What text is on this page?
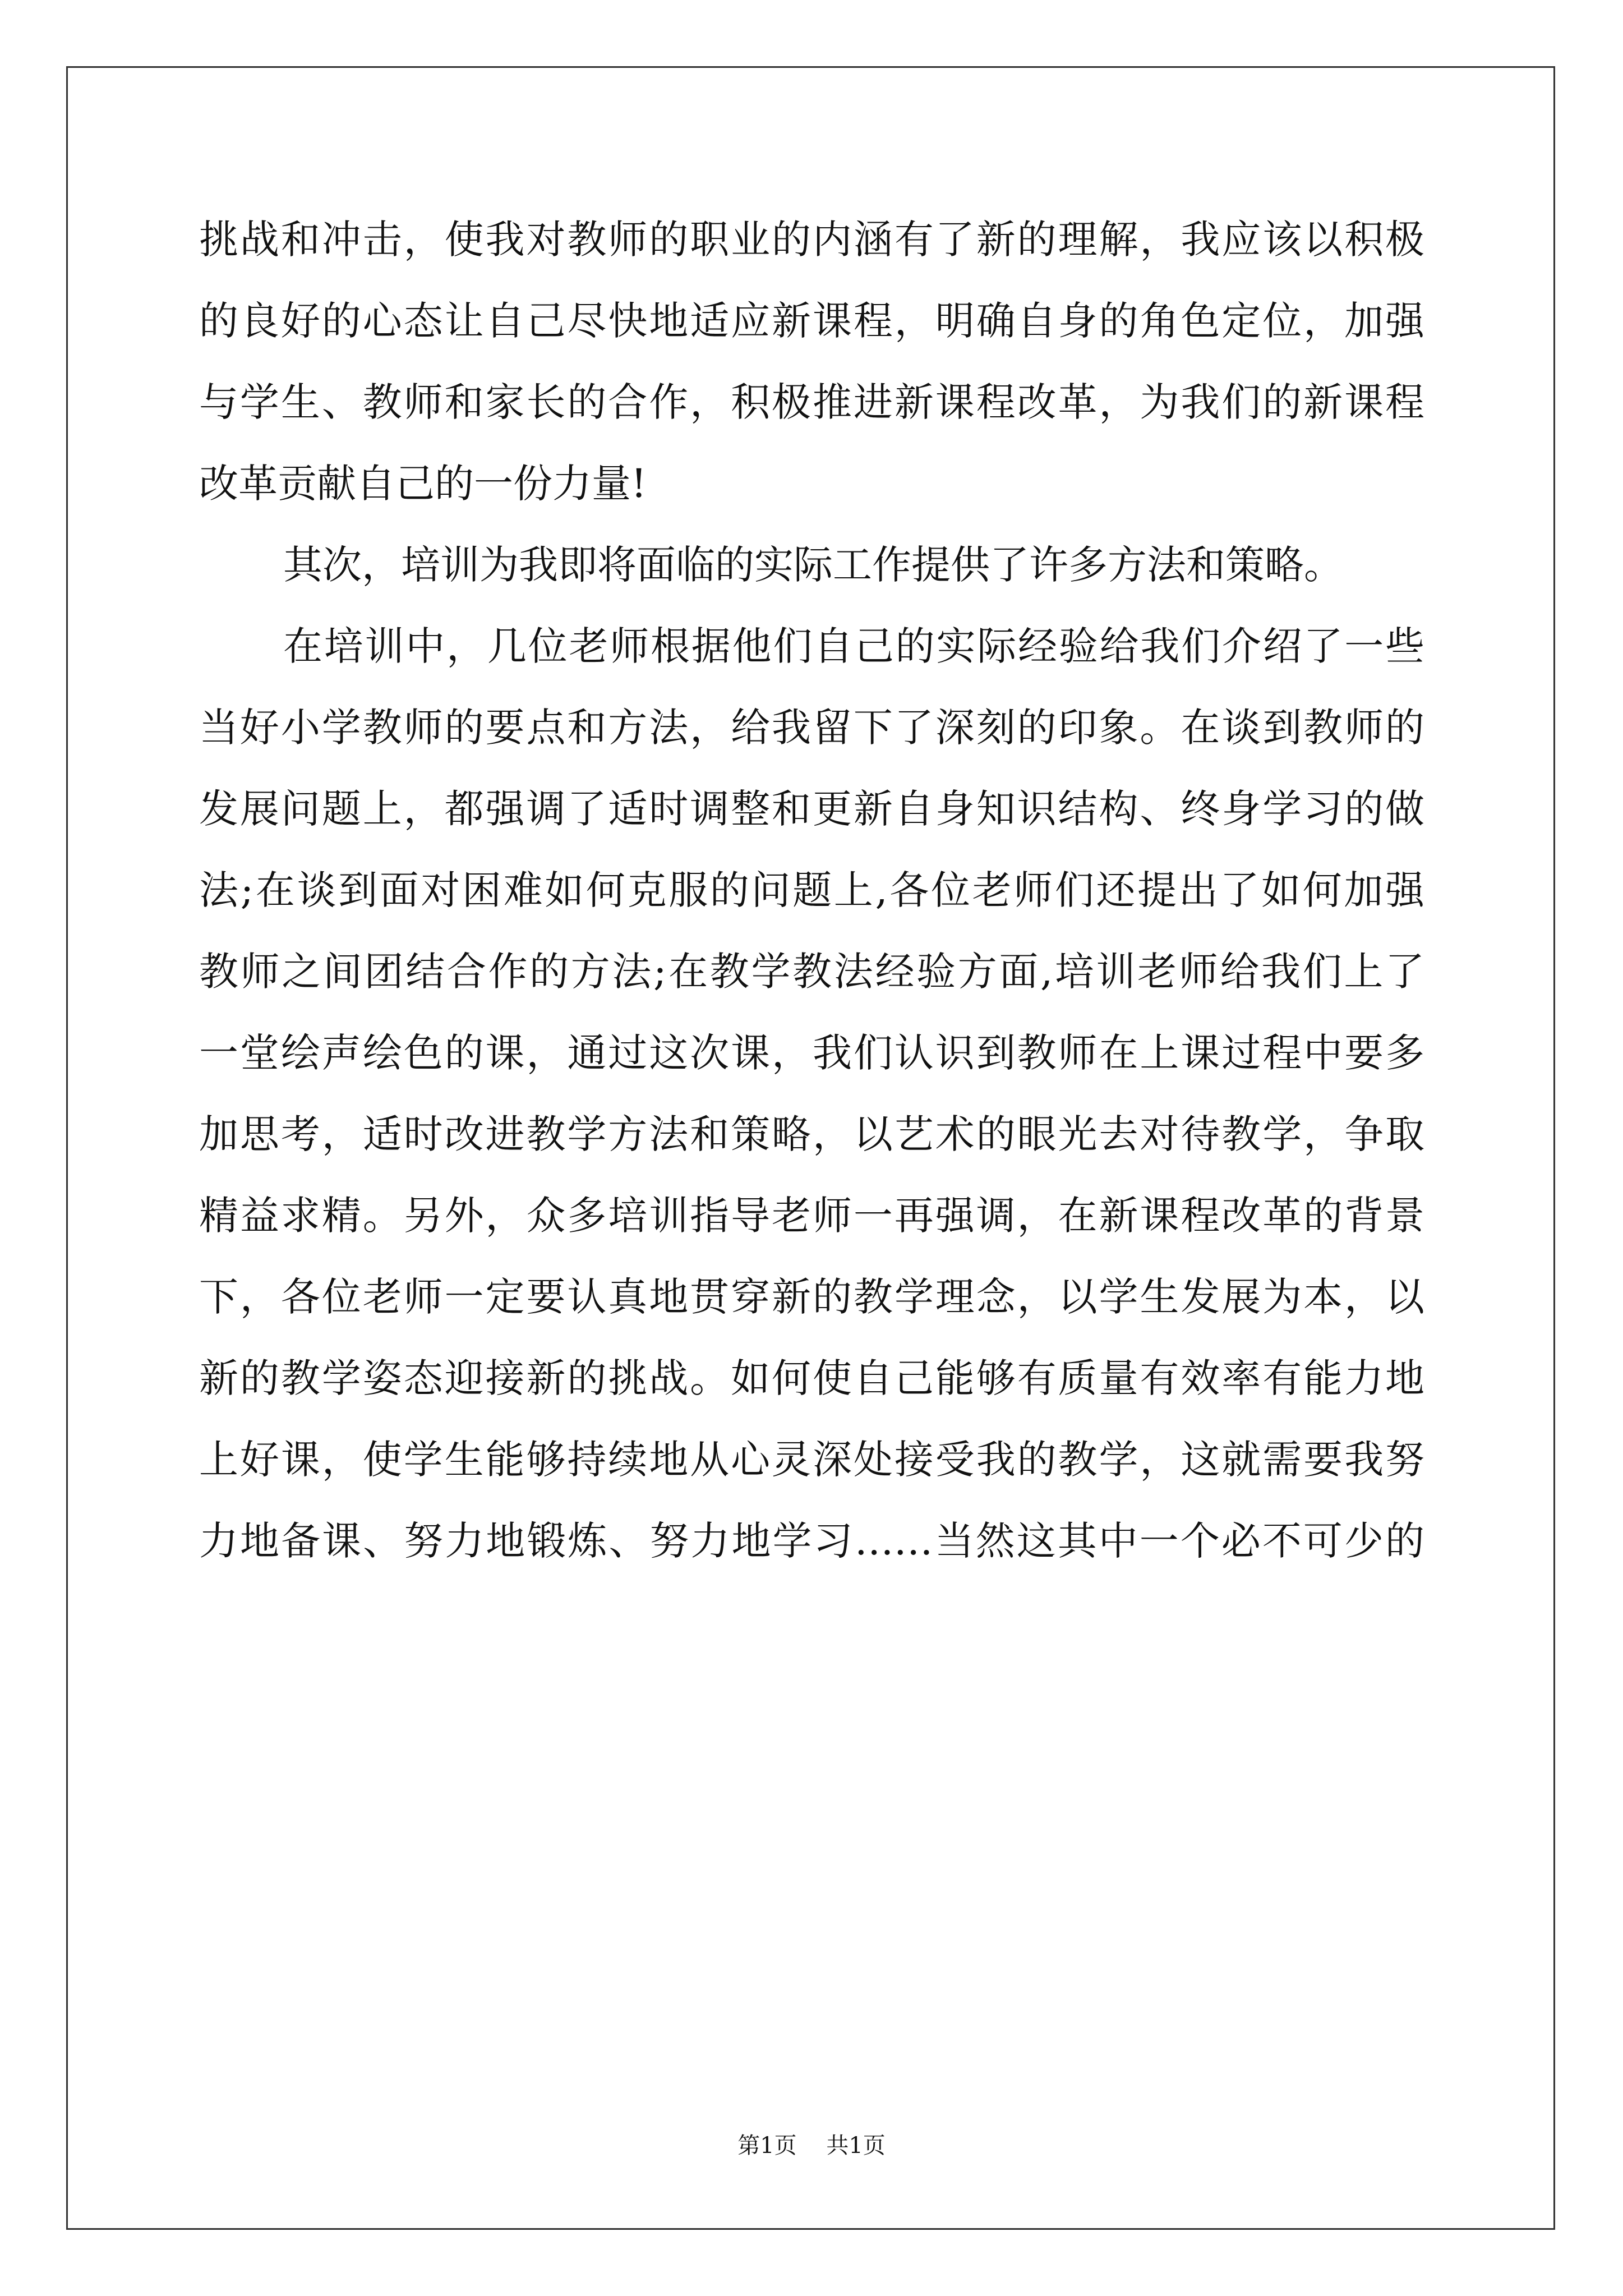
挑战和冲击，使我对教师的职业的内涵有了新的理解，我应该以积极
的良好的心态让自己尽快地适应新课程，明确自身的角色定位，加强
与学生、教师和家长的合作，积极推进新课程改革，为我们的新课程
改革贡献自己的一份力量!
其次，培训为我即将面临的实际工作提供了许多方法和策略。
在培训中，几位老师根据他们自己的实际经验给我们介绍了一些
当好小学教师的要点和方法，给我留下了深刻的印象。在谈到教师的
发展问题上，都强调了适时调整和更新自身知识结构、终身学习的做
法;在谈到面对困难如何克服的问题上,各位老师们还提出了如何加强
教师之间团结合作的方法;在教学教法经验方面,培训老师给我们上了
一堂绘声绘色的课，通过这次课，我们认识到教师在上课过程中要多
加思考，适时改进教学方法和策略，以艺术的眼光去对待教学，争取
精益求精。另外，众多培训指导老师一再强调，在新课程改革的背景
下，各位老师一定要认真地贯穿新的教学理念，以学生发展为本，以
新的教学姿态迎接新的挑战。如何使自己能够有质量有效率有能力地
上好课，使学生能够持续地从心灵深处接受我的教学，这就需要我努
力地备课、努力地锻炼、努力地学习……当然这其中一个必不可少的
第1页 共1页
